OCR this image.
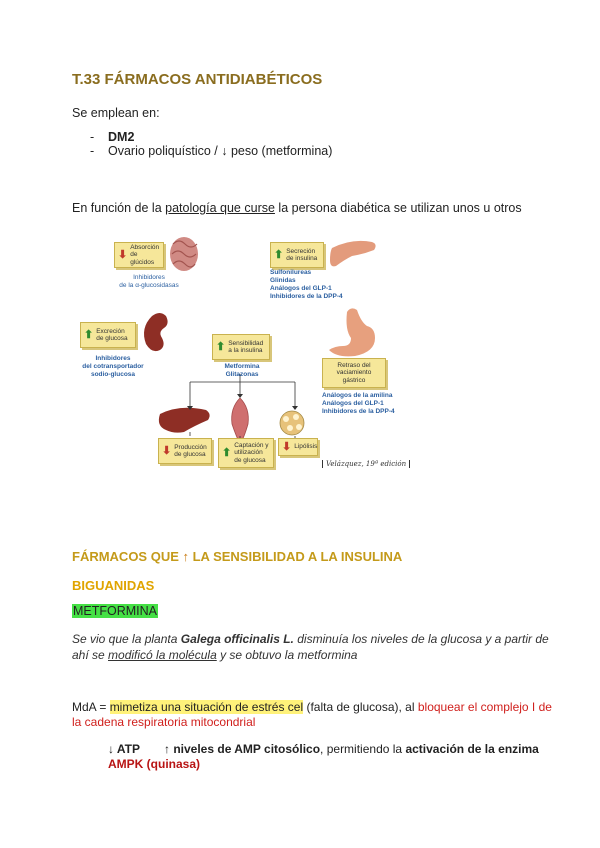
T.33 FÁRMACOS ANTIDIABÉTICOS
Se emplean en:
- DM2
- Ovario poliquístico / ↓ peso (metformina)
En función de la patología que curse la persona diabética se utilizan unos u otros
⬇
Absorción de glúcidos
Inhibidores
de la α-glucosidasas
⬆ Secreción de insulina
Sulfonilureas
Glinidas
Análogos del GLP-1
Inhibidores de la DPP-4
⬆ Excreción de glucosa
Inhibidores
del cotransportador
sodio-glucosa
⬆ Sensibilidad a la insulina
Metformina
Glitazonas
Retraso del vaciamiento gástrico
Análogos de la amilina
Análogos del GLP-1
Inhibidores de la DPP-4
⬇ Producción de glucosa ⬆
Captación y utilización de glucosa
⬇ Lipólisis
Velázquez, 19ª edición
FÁRMACOS QUE ↑ LA SENSIBILIDAD A LA INSULINA
BIGUANIDAS
METFORMINA
Se vio que la planta Galega officinalis L. disminuía los niveles de la glucosa y a partir de
ahí se modificó la molécula y se obtuvo la metformina
MdA = mimetiza una situación de estrés cel (falta de glucosa), al bloquear el complejo I de
la cadena respiratoria mitocondrial
↓ ATP ↑ niveles de AMP citosólico, permitiendo la activación de la enzima
AMPK (quinasa)
